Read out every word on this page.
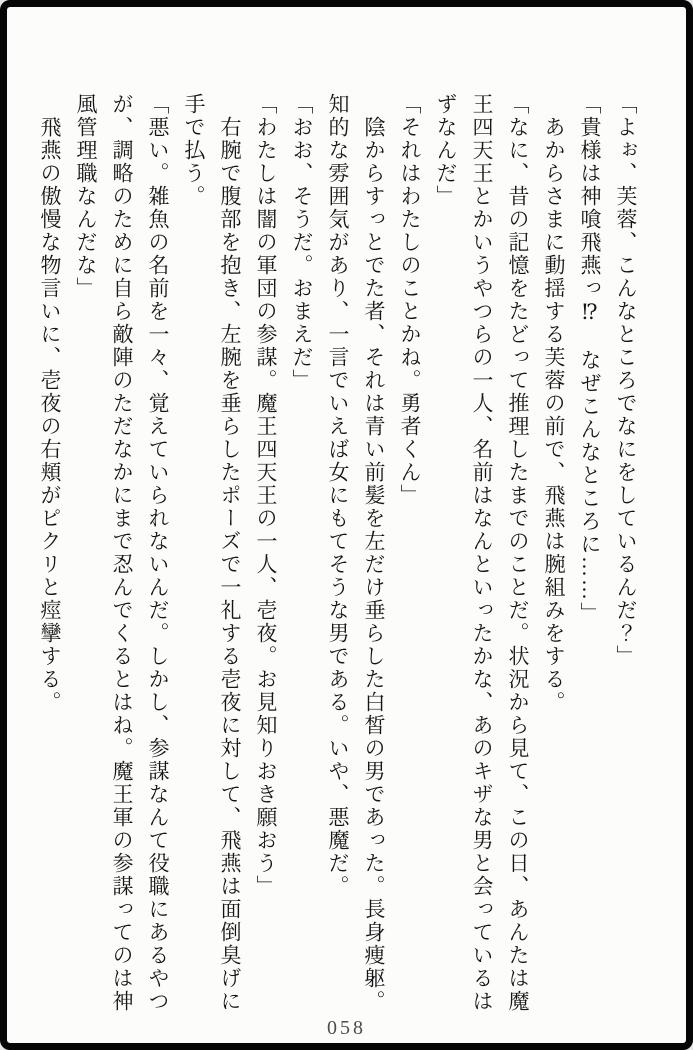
「よぉ、芙蓉、こんなところでなにをしているんだ？」
「貴様は神喰飛燕っ⁉　なぜこんなところに……」
　あからさまに動揺する芙蓉の前で、飛燕は腕組みをする。
「なに、昔の記憶をたどって推理したまでのことだ。状況から見て、この日、あんたは魔
王四天王とかいうやつらの一人、名前はなんといったかな、あのキザな男と会っているは
ずなんだ」
「それはわたしのことかね。勇者くん」
　陰からすっとでた者、それは青い前髪を左だけ垂らした白皙の男であった。長身痩躯。
知的な雰囲気があり、一言でいえば女にもてそうな男である。いや、悪魔だ。
「おお、そうだ。おまえだ」
「わたしは闇の軍団の参謀。魔王四天王の一人、壱夜。お見知りおき願おう」
　右腕で腹部を抱き、左腕を垂らしたポーズで一礼する壱夜に対して、飛燕は面倒臭げに
手で払う。
「悪い。雑魚の名前を一々、覚えていられないんだ。しかし、参謀なんて役職にあるやつ
が、調略のために自ら敵陣のただなかにまで忍んでくるとはね。魔王軍の参謀ってのは神
風管理職なんだな」
　飛燕の傲慢な物言いに、壱夜の右頬がピクリと痙攣する。
058
